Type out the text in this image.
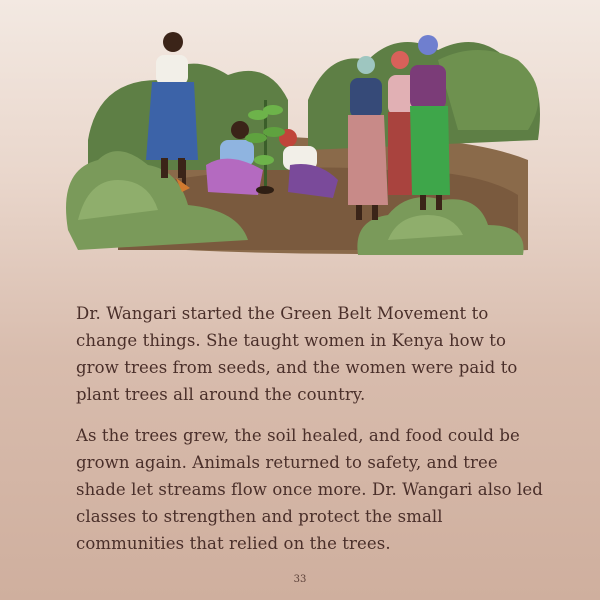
Dr. Wangari started the Green Belt Movement to change things. She taught women in Kenya how to grow trees from seeds, and the women were paid to plant trees all around the country.

As the trees grew, the soil healed, and food could be grown again. Animals returned to safety, and tree shade let streams flow once more. Dr. Wangari also led classes to strengthen and protect the small communities that relied on the trees.

33
